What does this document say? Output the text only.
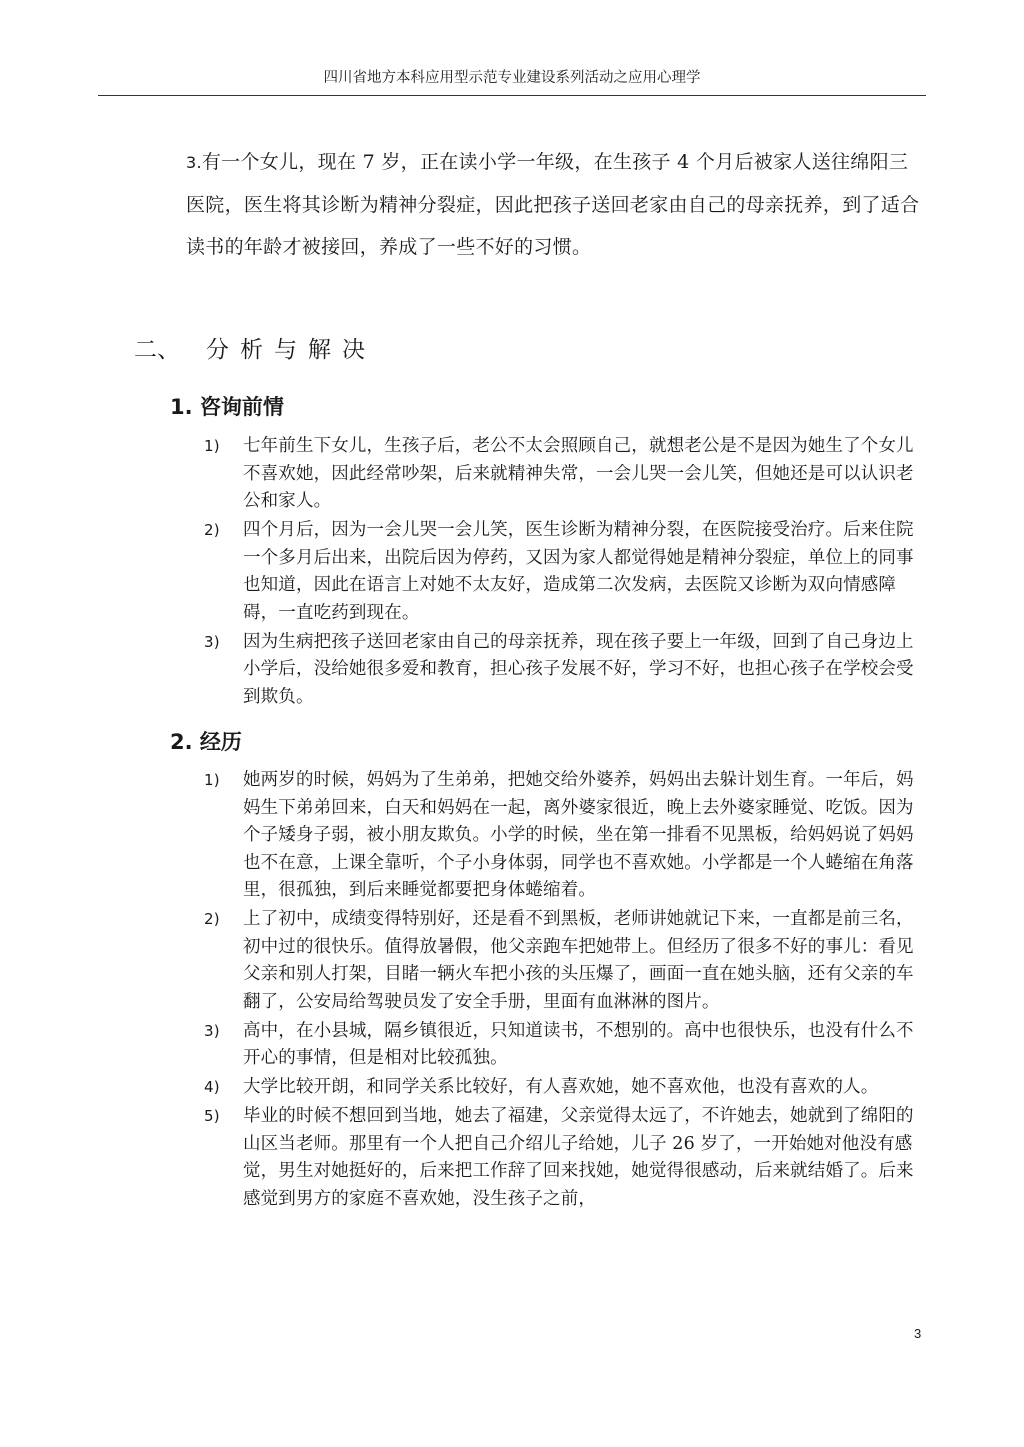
四川省地方本科应用型示范专业建设系列活动之应用心理学

3.有一个女儿，现在 7 岁，正在读小学一年级，在生孩子 4 个月后被家人送往绵阳三医院，医生将其诊断为精神分裂症，因此把孩子送回老家由自己的母亲抚养，到了适合读书的年龄才被接回，养成了一些不好的习惯。

二、 分析与解决
1. 咨询前情
1) 七年前生下女儿，生孩子后，老公不太会照顾自己，就想老公是不是因为她生了个女儿不喜欢她，因此经常吵架，后来就精神失常，一会儿哭一会儿笑，但她还是可以认识老公和家人。
2) 四个月后，因为一会儿哭一会儿笑，医生诊断为精神分裂，在医院接受治疗。后来住院一个多月后出来，出院后因为停药，又因为家人都觉得她是精神分裂症，单位上的同事也知道，因此在语言上对她不太友好，造成第二次发病，去医院又诊断为双向情感障碍，一直吃药到现在。
3) 因为生病把孩子送回老家由自己的母亲抚养，现在孩子要上一年级，回到了自己身边上小学后，没给她很多爱和教育，担心孩子发展不好，学习不好，也担心孩子在学校会受到欺负。
2. 经历
1) 她两岁的时候，妈妈为了生弟弟，把她交给外婆养，妈妈出去躲计划生育。一年后，妈妈生下弟弟回来，白天和妈妈在一起，离外婆家很近，晚上去外婆家睡觉、吃饭。因为个子矮身子弱，被小朋友欺负。小学的时候，坐在第一排看不见黑板，给妈妈说了妈妈也不在意，上课全靠听，个子小身体弱，同学也不喜欢她。小学都是一个人蜷缩在角落里，很孤独，到后来睡觉都要把身体蜷缩着。
2) 上了初中，成绩变得特别好，还是看不到黑板，老师讲她就记下来，一直都是前三名，初中过的很快乐。值得放暑假，他父亲跑车把她带上。但经历了很多不好的事儿：看见父亲和别人打架，目睹一辆火车把小孩的头压爆了，画面一直在她头脑，还有父亲的车翻了，公安局给驾驶员发了安全手册，里面有血淋淋的图片。
3) 高中，在小县城，隔乡镇很近，只知道读书，不想别的。高中也很快乐，也没有什么不开心的事情，但是相对比较孤独。
4) 大学比较开朗，和同学关系比较好，有人喜欢她，她不喜欢他，也没有喜欢的人。
5) 毕业的时候不想回到当地，她去了福建，父亲觉得太远了，不许她去，她就到了绵阳的山区当老师。那里有一个人把自己介绍儿子给她，儿子 26 岁了，一开始她对他没有感觉，男生对她挺好的，后来把工作辞了回来找她，她觉得很感动，后来就结婚了。后来感觉到男方的家庭不喜欢她，没生孩子之前，
3
